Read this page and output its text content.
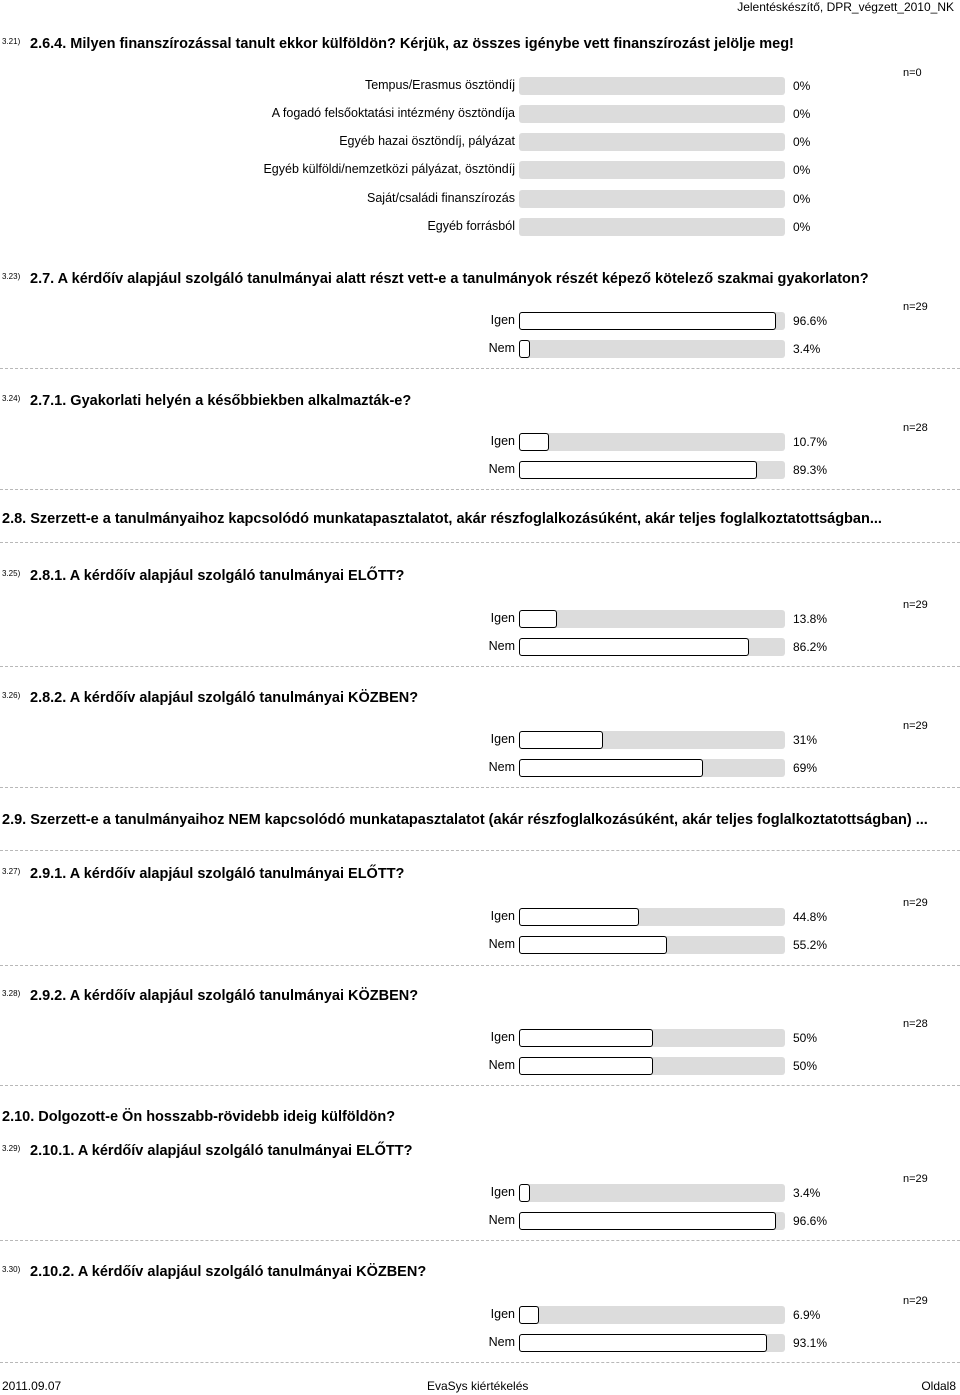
Jelentéskészítő, DPR_végzett_2010_NK
3.21) 2.6.4. Milyen finanszírozással tanult ekkor külföldön? Kérjük, az összes igénybe vett finanszírozást jelölje meg!
n=0
Tempus/Erasmus ösztöndíj	0%
A fogadó felsőoktatási intézmény ösztöndíja	0%
Egyéb hazai ösztöndíj, pályázat	0%
Egyéb külföldi/nemzetközi pályázat, ösztöndíj	0%
Saját/családi finanszírozás	0%
Egyéb forrásból	0%
3.23) 2.7. A kérdőív alapjául szolgáló tanulmányai alatt részt vett-e a tanulmányok részét képező kötelező szakmai gyakorlaton?
n=29
Igen	96.6%
Nem	3.4%
3.24) 2.7.1. Gyakorlati helyén a későbbiekben alkalmazták-e?
n=28
Igen	10.7%
Nem	89.3%
2.8. Szerzett-e a tanulmányaihoz kapcsolódó munkatapasztalatot, akár részfoglalkozásúként, akár teljes foglalkoztatottságban...
3.25) 2.8.1. A kérdőív alapjául szolgáló tanulmányai ELŐTT?
n=29
Igen	13.8%
Nem	86.2%
3.26) 2.8.2. A kérdőív alapjául szolgáló tanulmányai KÖZBEN?
n=29
Igen	31%
Nem	69%
2.9. Szerzett-e a tanulmányaihoz NEM kapcsolódó munkatapasztalatot (akár részfoglalkozásúként, akár teljes foglalkoztatottságban) ...
3.27) 2.9.1. A kérdőív alapjául szolgáló tanulmányai ELŐTT?
n=29
Igen	44.8%
Nem	55.2%
3.28) 2.9.2. A kérdőív alapjául szolgáló tanulmányai KÖZBEN?
n=28
Igen	50%
Nem	50%
2.10. Dolgozott-e Ön hosszabb-rövidebb ideig külföldön?
3.29) 2.10.1. A kérdőív alapjául szolgáló tanulmányai ELŐTT?
n=29
Igen	3.4%
Nem	96.6%
3.30) 2.10.2. A kérdőív alapjául szolgáló tanulmányai KÖZBEN?
n=29
Igen	6.9%
Nem	93.1%
2011.09.07	EvaSys kiértékelés	Oldal8
